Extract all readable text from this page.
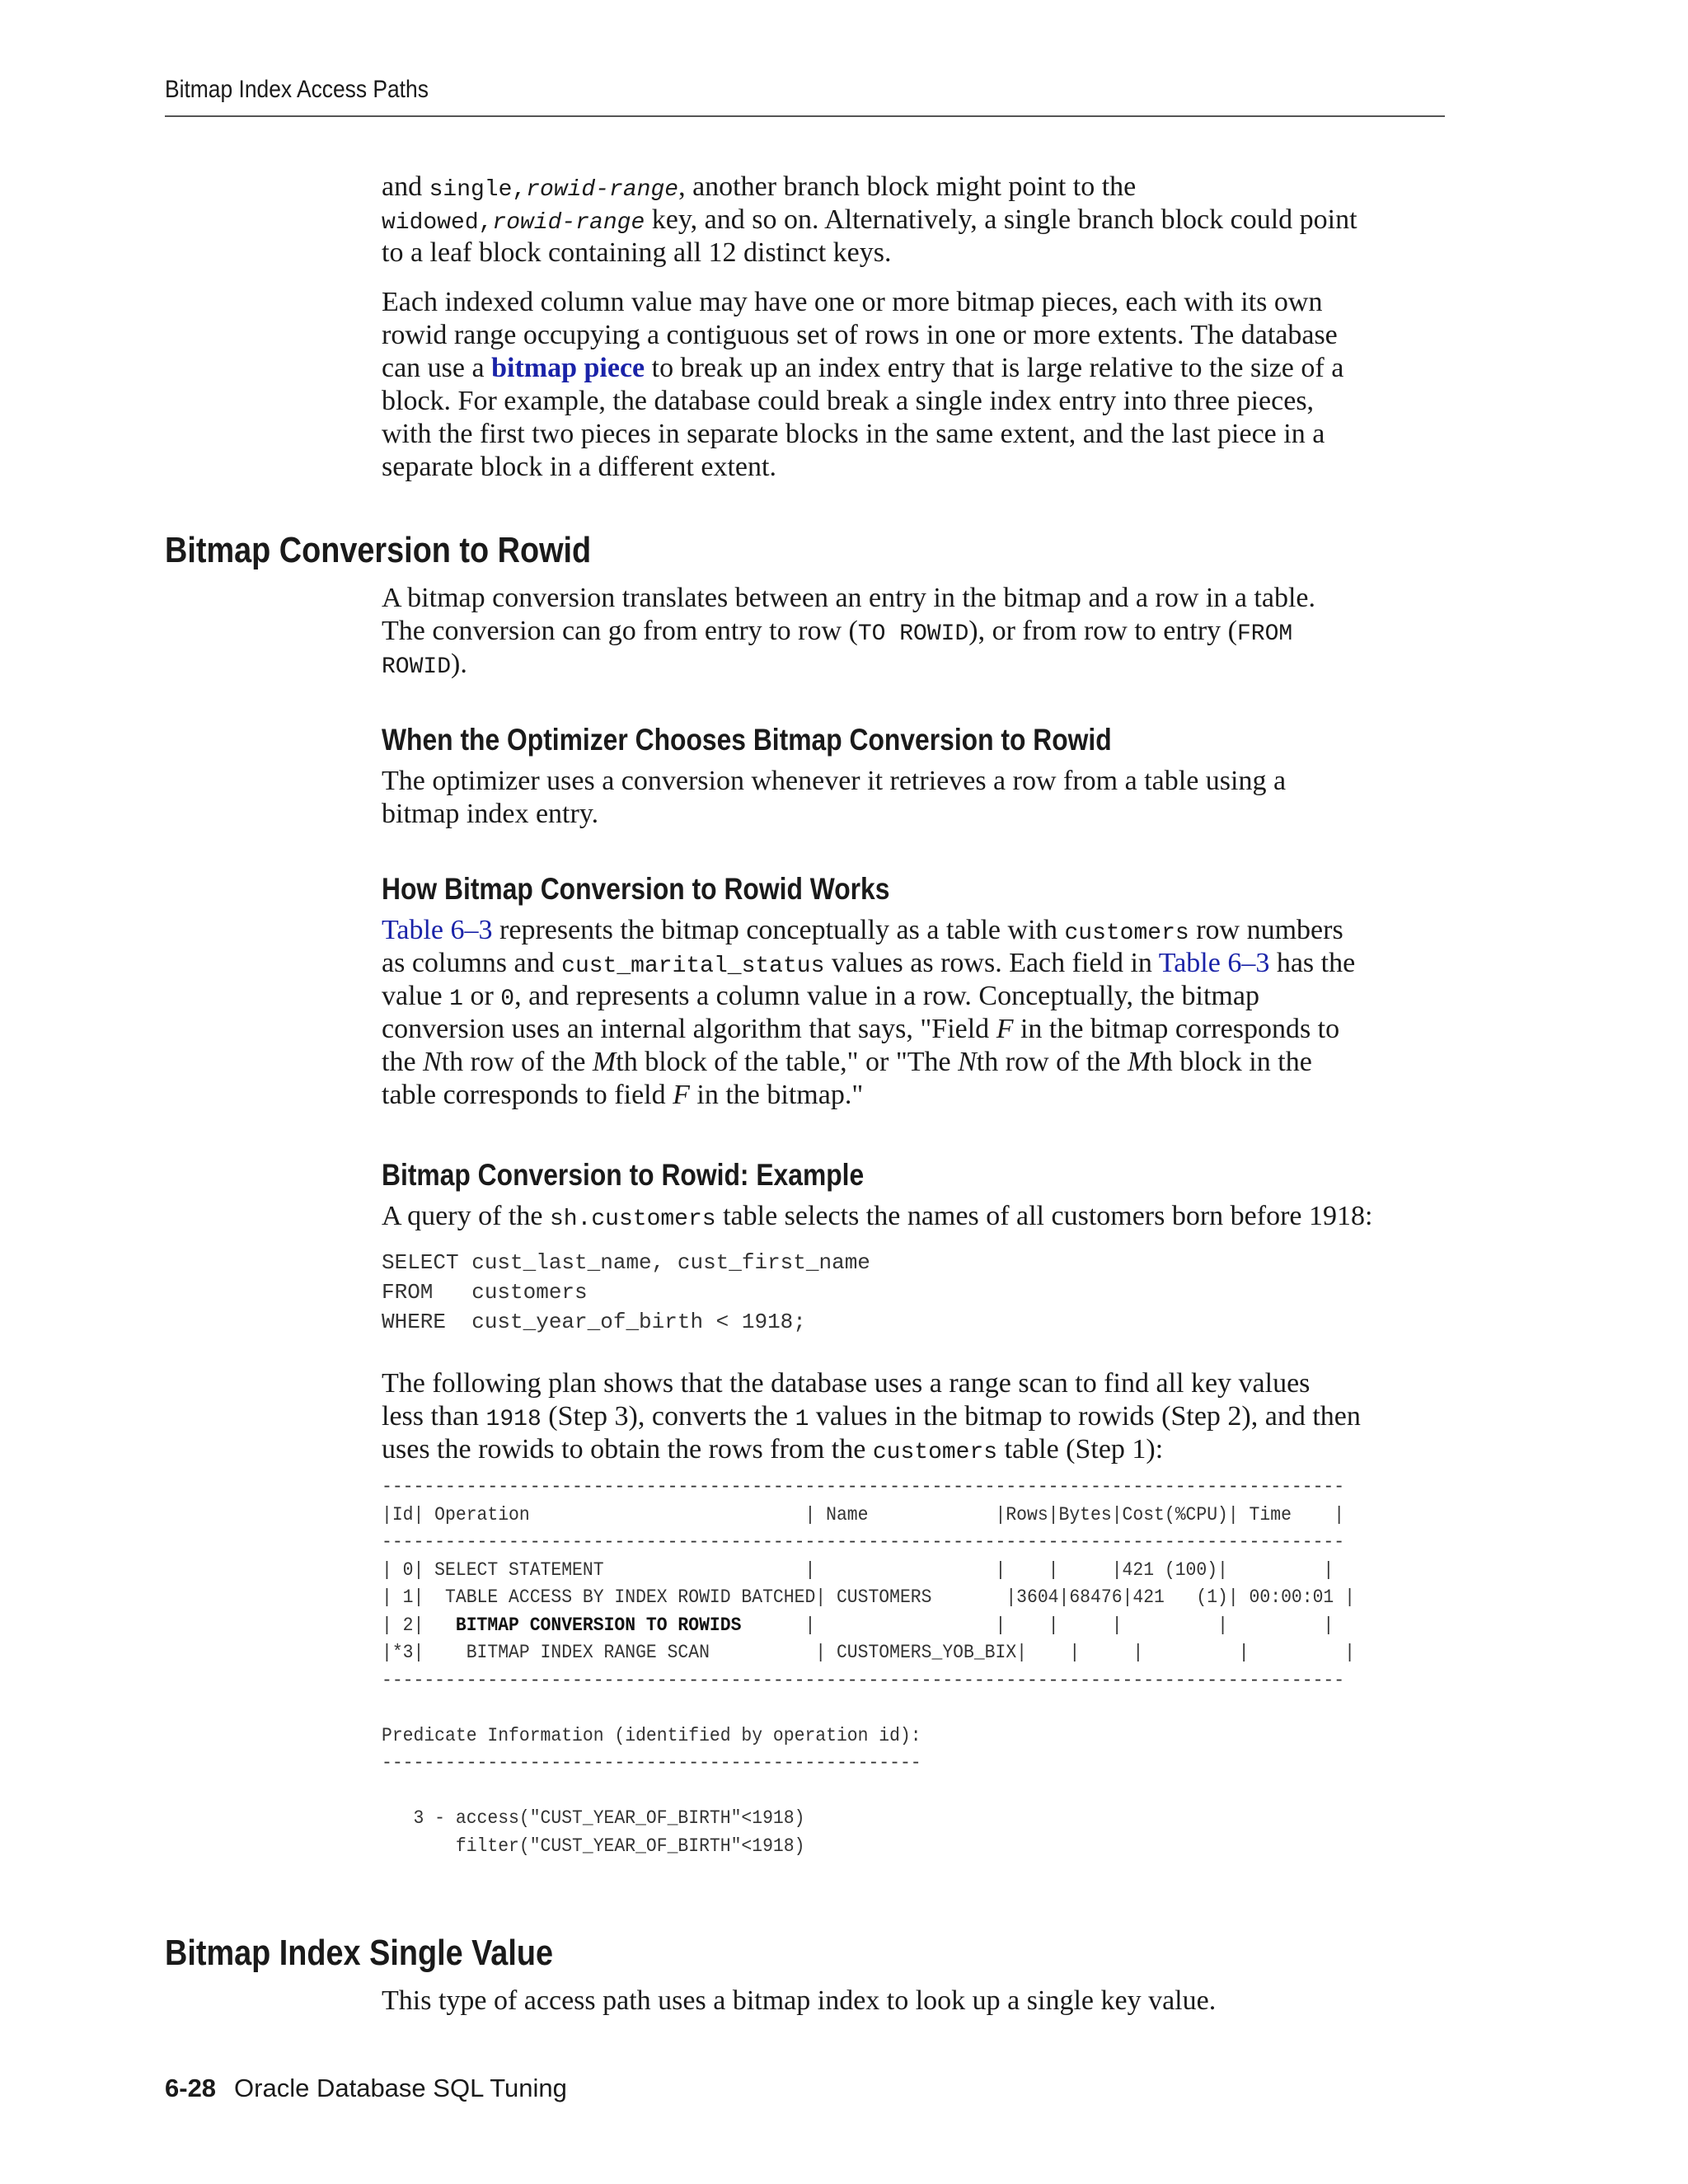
Bitmap Index Access Paths

and single,rowid-range, another branch block might point to the
widowed,rowid-range key, and so on. Alternatively, a single branch block could point
to a leaf block containing all 12 distinct keys.

Each indexed column value may have one or more bitmap pieces, each with its own
rowid range occupying a contiguous set of rows in one or more extents. The database
can use a bitmap piece to break up an index entry that is large relative to the size of a
block. For example, the database could break a single index entry into three pieces,
with the first two pieces in separate blocks in the same extent, and the last piece in a
separate block in a different extent.

Bitmap Conversion to Rowid

A bitmap conversion translates between an entry in the bitmap and a row in a table.
The conversion can go from entry to row (TO ROWID), or from row to entry (FROM
ROWID).

When the Optimizer Chooses Bitmap Conversion to Rowid

The optimizer uses a conversion whenever it retrieves a row from a table using a
bitmap index entry.

How Bitmap Conversion to Rowid Works

Table 6–3 represents the bitmap conceptually as a table with customers row numbers
as columns and cust_marital_status values as rows. Each field in Table 6–3 has the
value 1 or 0, and represents a column value in a row. Conceptually, the bitmap
conversion uses an internal algorithm that says, "Field F in the bitmap corresponds to
the Nth row of the Mth block of the table," or "The Nth row of the Mth block in the
table corresponds to field F in the bitmap."

Bitmap Conversion to Rowid: Example

A query of the sh.customers table selects the names of all customers born before 1918:

SELECT cust_last_name, cust_first_name
FROM   customers
WHERE  cust_year_of_birth < 1918;

The following plan shows that the database uses a range scan to find all key values
less than 1918 (Step 3), converts the 1 values in the bitmap to rowids (Step 2), and then
uses the rowids to obtain the rows from the customers table (Step 1):

-------------------------------------------------------------------------------------------
|Id| Operation                          | Name            |Rows|Bytes|Cost(%CPU)| Time    |
-------------------------------------------------------------------------------------------
| 0| SELECT STATEMENT                   |                 |    |     |421 (100)|         |
| 1|  TABLE ACCESS BY INDEX ROWID BATCHED| CUSTOMERS       |3604|68476|421   (1)| 00:00:01 |
| 2|   BITMAP CONVERSION TO ROWIDS      |                 |    |     |         |         |
|*3|    BITMAP INDEX RANGE SCAN          | CUSTOMERS_YOB_BIX|    |     |         |         |
-------------------------------------------------------------------------------------------

Predicate Information (identified by operation id):
---------------------------------------------------

3 - access("CUST_YEAR_OF_BIRTH"<1918)
filter("CUST_YEAR_OF_BIRTH"<1918)
Bitmap Index Single Value

This type of access path uses a bitmap index to look up a single key value.

6-28 Oracle Database SQL Tuning
